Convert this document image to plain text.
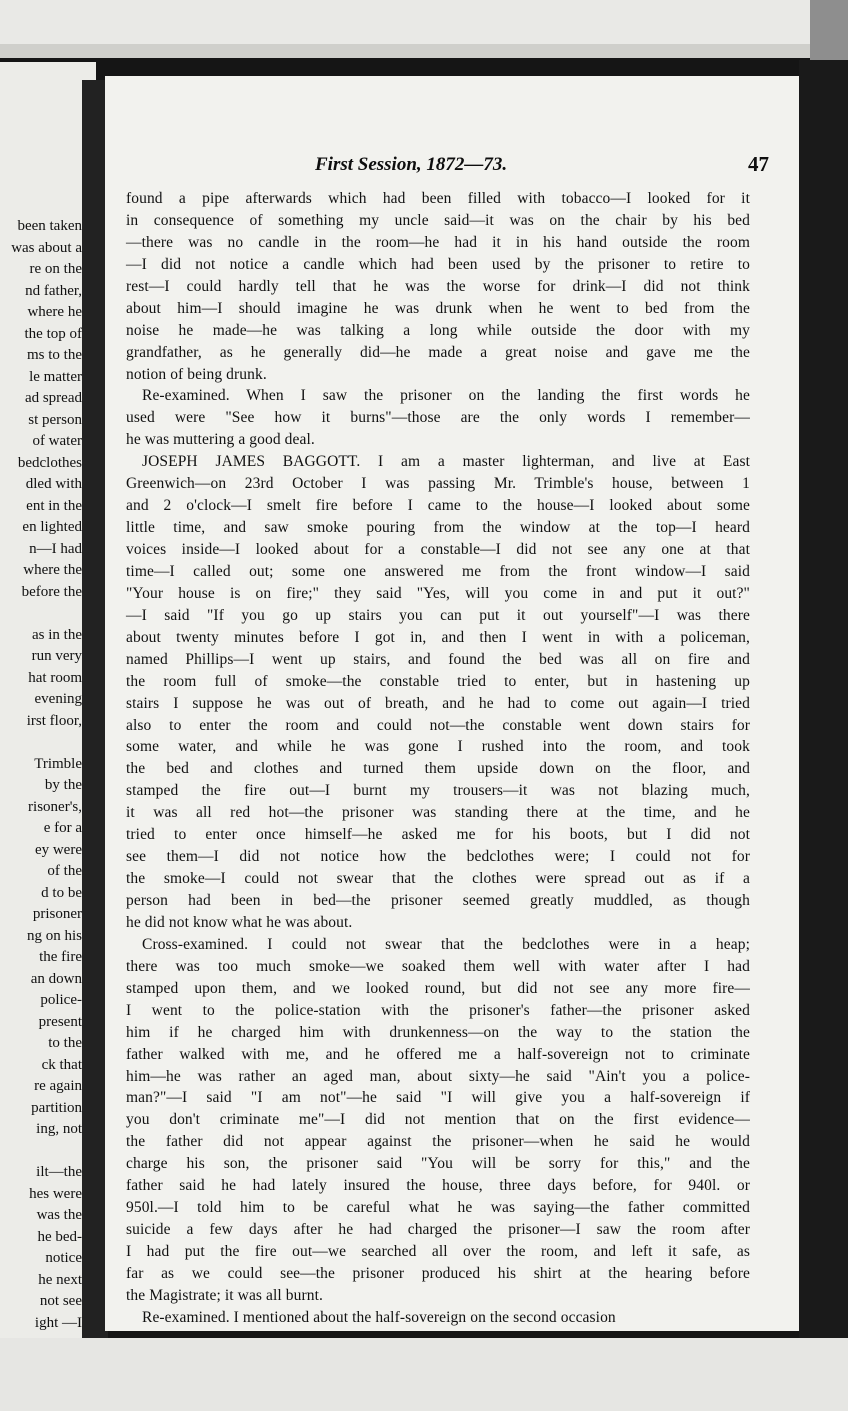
been taken
was about a
re on the
nd father,
where he
the top of
ms to the
le matter
ad spread
st person
of water
bedclothes
dled with
ent in the
en lighted
n—I had
where the
before the
as in the
run very
hat room
evening
irst floor,
Trimble
by the
risoner's,
e for a
ey were
of the
d to be
prisoner
ng on his
the fire
an down
police-
present
to the
ck that
re again
partition
ing, not
ilt—the
hes were
was the
he bed-
notice
he next
not see
ight —I
First Session, 1872—73.	47
found a pipe afterwards which had been filled with tobacco—I looked for it
in consequence of something my uncle said—it was on the chair by his bed
—there was no candle in the room—he had it in his hand outside the room
—I did not notice a candle which had been used by the prisoner to retire to
rest—I could hardly tell that he was the worse for drink—I did not think
about him—I should imagine he was drunk when he went to bed from the
noise he made—he was talking a long while outside the door with my
grandfather, as he generally did—he made a great noise and gave me the
notion of being drunk.
Re-examined. When I saw the prisoner on the landing the first words he
used were "See how it burns"—those are the only words I remember—
he was muttering a good deal.
JOSEPH JAMES BAGGOTT. I am a master lighterman, and live at East
Greenwich—on 23rd October I was passing Mr. Trimble's house, between 1
and 2 o'clock—I smelt fire before I came to the house—I looked about some
little time, and saw smoke pouring from the window at the top—I heard
voices inside—I looked about for a constable—I did not see any one at that
time—I called out; some one answered me from the front window—I said
"Your house is on fire;" they said "Yes, will you come in and put it out?"
—I said "If you go up stairs you can put it out yourself"—I was there
about twenty minutes before I got in, and then I went in with a policeman,
named Phillips—I went up stairs, and found the bed was all on fire and
the room full of smoke—the constable tried to enter, but in hastening up
stairs I suppose he was out of breath, and he had to come out again—I tried
also to enter the room and could not—the constable went down stairs for
some water, and while he was gone I rushed into the room, and took
the bed and clothes and turned them upside down on the floor, and
stamped the fire out—I burnt my trousers—it was not blazing much,
it was all red hot—the prisoner was standing there at the time, and he
tried to enter once himself—he asked me for his boots, but I did not
see them—I did not notice how the bedclothes were; I could not for
the smoke—I could not swear that the clothes were spread out as if a
person had been in bed—the prisoner seemed greatly muddled, as though
he did not know what he was about.
Cross-examined. I could not swear that the bedclothes were in a heap;
there was too much smoke—we soaked them well with water after I had
stamped upon them, and we looked round, but did not see any more fire—
I went to the police-station with the prisoner's father—the prisoner asked
him if he charged him with drunkenness—on the way to the station the
father walked with me, and he offered me a half-sovereign not to criminate
him—he was rather an aged man, about sixty—he said "Ain't you a police-
man?"—I said "I am not"—he said "I will give you a half-sovereign if
you don't criminate me"—I did not mention that on the first evidence—
the father did not appear against the prisoner—when he said he would
charge his son, the prisoner said "You will be sorry for this," and the
father said he had lately insured the house, three days before, for 940l. or
950l.—I told him to be careful what he was saying—the father committed
suicide a few days after he had charged the prisoner—I saw the room after
I had put the fire out—we searched all over the room, and left it safe, as
far as we could see—the prisoner produced his shirt at the hearing before
the Magistrate; it was all burnt.
Re-examined. I mentioned about the half-sovereign on the second occasion
